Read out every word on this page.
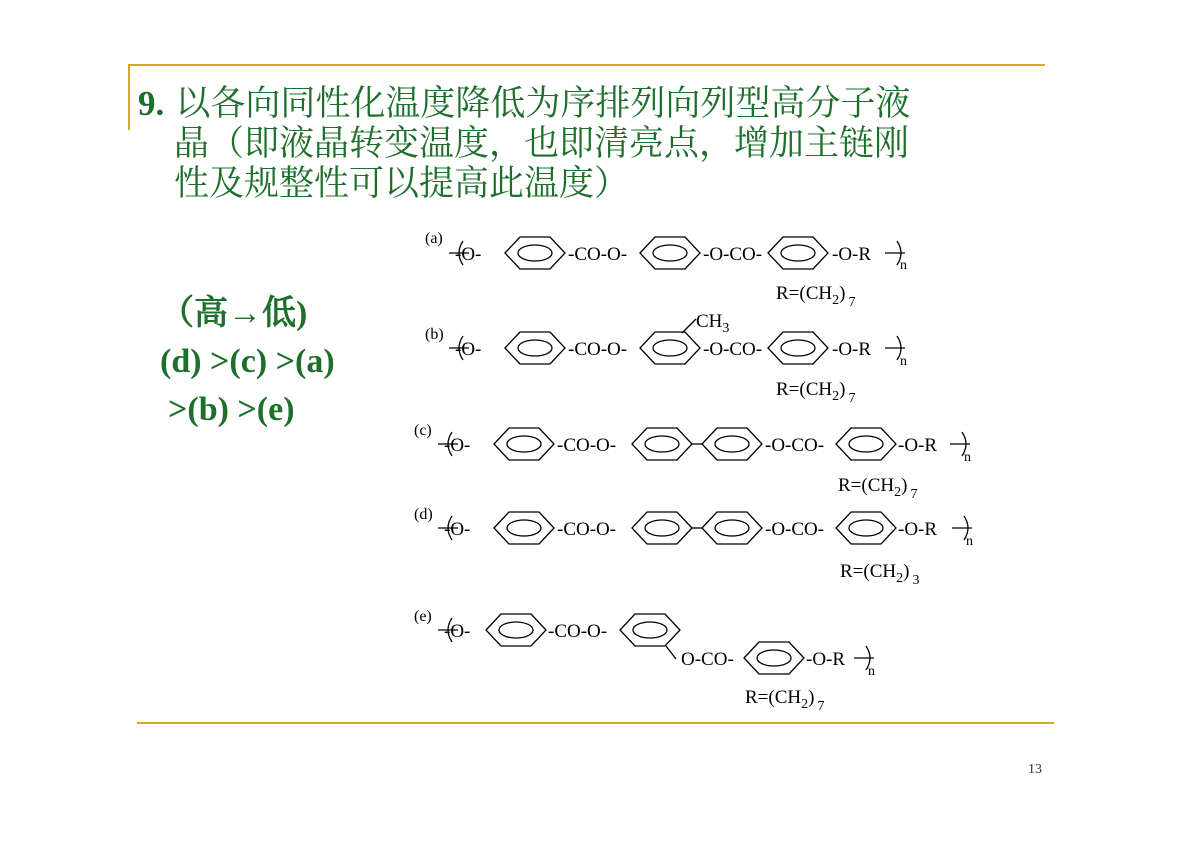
9. 以各向同性化温度降低为序排列向列型高分子液
晶（即液晶转变温度，也即清亮点，增加主链刚
性及规整性可以提高此温度）
（高→低)
(d) >(c) >(a)
>(b) >(e)
(a)
-O-	-CO-O-	-O-CO-	-O-R
n
$R=(CH_2)$ $_7$
(b)
-O-	-CO-O-	-O-CO-	-O-R
n
$CH_3$
$R=(CH_2)$ $_7$
(c)
-O-	-CO-O-	-O-CO-	-O-R
n
$R=(CH_2)$ $_7$
(d)
-O-	-CO-O-	-O-CO-	-O-R
n
$R=(CH_2)$ $_3$
(e)
-O-	-CO-O-
O-CO-	-O-R
n
$R=(CH_2)$ $_7$
13
